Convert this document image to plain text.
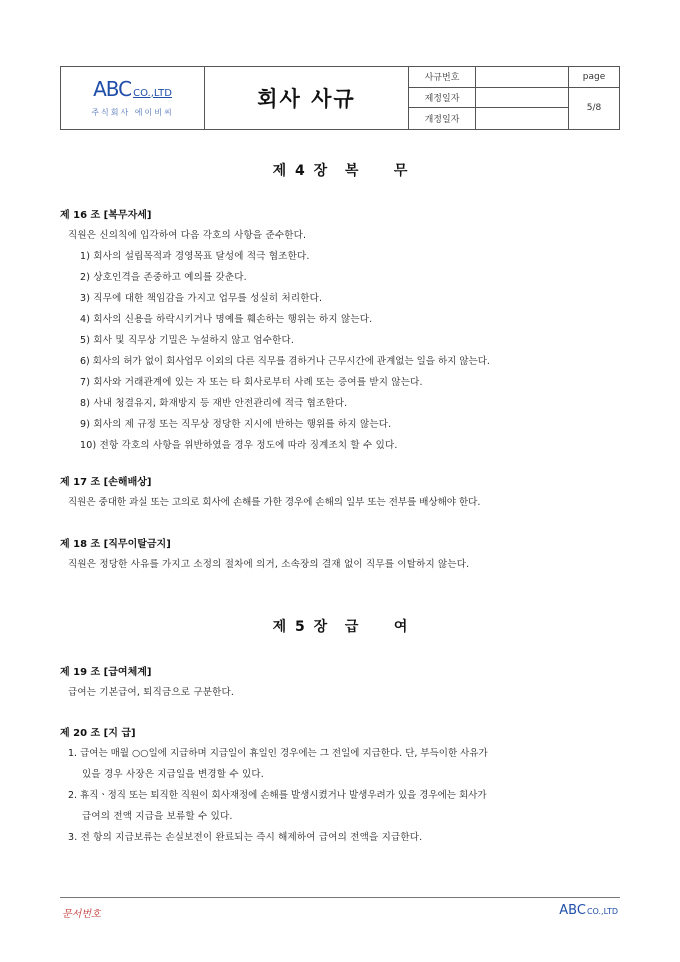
ABC CO.,LTD
주식회사 에이비씨
회사 사규
사규번호
제정일자
개정일자
page
5/8
제 4 장  복    무
제 16 조 [복무자세]
직원은 신의칙에 입각하여 다음 각호의 사항을 준수한다.
1) 회사의 설립목적과 경영목표 달성에 적극 협조한다.
2) 상호인격을 존중하고 예의를 갖춘다.
3) 직무에 대한 책임감을 가지고 업무를 성실히 처리한다.
4) 회사의 신용을 하락시키거나 명예를 훼손하는 행위는 하지 않는다.
5) 회사 및 직무상 기밀은 누설하지 않고 엄수한다.
6) 회사의 허가 없이 회사업무 이외의 다른 직무를 겸하거나 근무시간에 관계없는 일을 하지 않는다.
7) 회사와 거래관계에 있는 자 또는 타 회사로부터 사례 또는 증여를 받지 않는다.
8) 사내 청결유지, 화재방지 등 재반 안전관리에 적극 협조한다.
9) 회사의 제 규정 또는 직무상 정당한 지시에 반하는 행위를 하지 않는다.
10) 전항 각호의 사항을 위반하였을 경우 정도에 따라 징계조치 할 수 있다.
제 17 조 [손해배상]
직원은 중대한 과실 또는 고의로 회사에 손해를 가한 경우에 손해의 일부 또는 전부를 배상해야 한다.
제 18 조 [직무이탈금지]
직원은 정당한 사유를 가지고 소정의 절차에 의거, 소속장의 결재 없이 직무를 이탈하지 않는다.
제 5 장  급    여
제 19 조 [급여체계]
급여는 기본급여, 퇴직금으로 구분한다.
제 20 조 [지 급]
1. 급여는 매월 ○○일에 지급하며 지급일이 휴일인 경우에는 그 전일에 지급한다. 단, 부득이한 사유가
있을 경우 사장은 지급일을 변경할 수 있다.
2. 휴직ㆍ정직 또는 퇴직한 직원이 회사재정에 손해를 발생시켰거나 발생우려가 있을 경우에는 회사가
급여의 전액 지급을 보류할 수 있다.
3. 전 항의 지급보류는 손실보전이 완료되는 즉시 해제하여 급여의 전액을 지급한다.
문서번호	ABCCO.,LTD
